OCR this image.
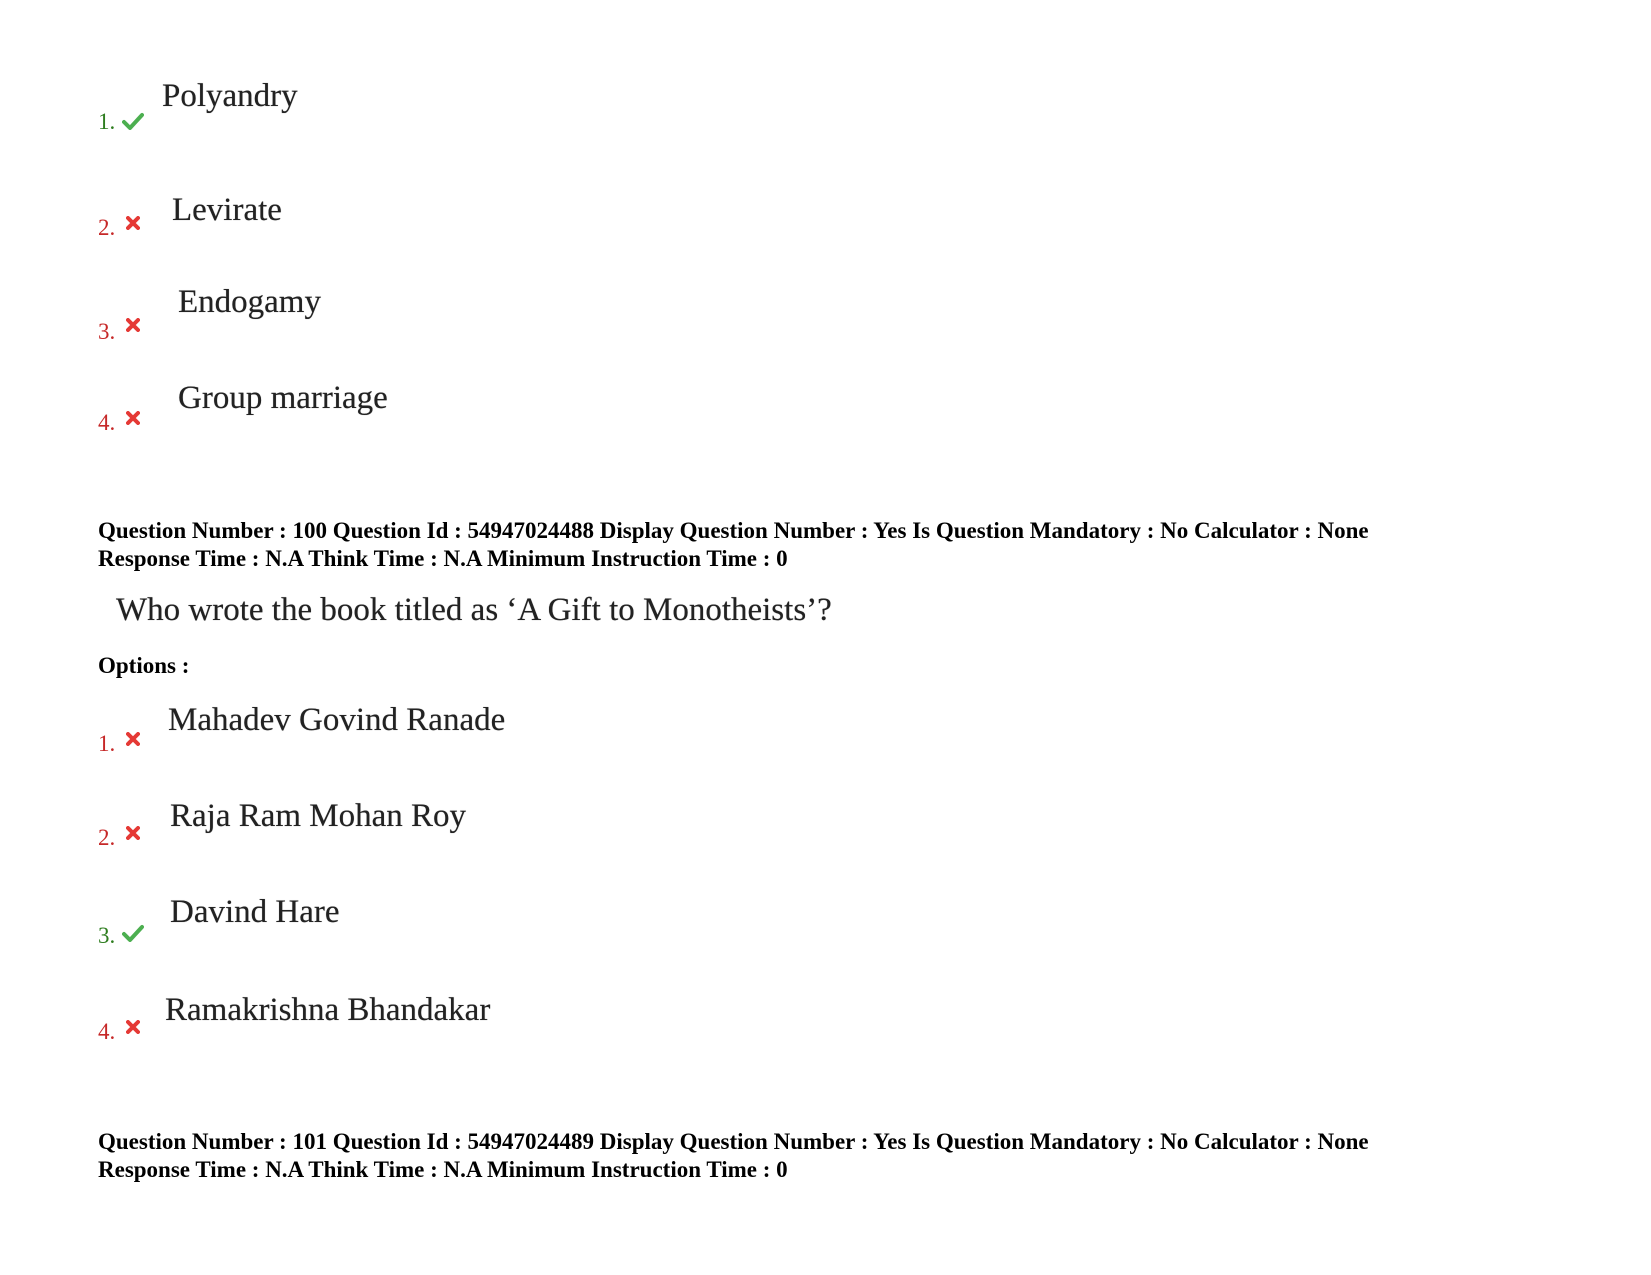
1.
Polyandry
2. Levirate
3.
Endogamy
4.
Group marriage
Question Number : 100 Question Id : 54947024488 Display Question Number : Yes Is Question Mandatory : No Calculator : None
Response Time : N.A Think Time : N.A Minimum Instruction Time : 0
Who wrote the book titled as ‘A Gift to Monotheists’?
Options :
1.
Mahadev Govind Ranade
2.
Raja Ram Mohan Roy
3.
Davind Hare
4.
Ramakrishna Bhandakar
Question Number : 101 Question Id : 54947024489 Display Question Number : Yes Is Question Mandatory : No Calculator : None
Response Time : N.A Think Time : N.A Minimum Instruction Time : 0
